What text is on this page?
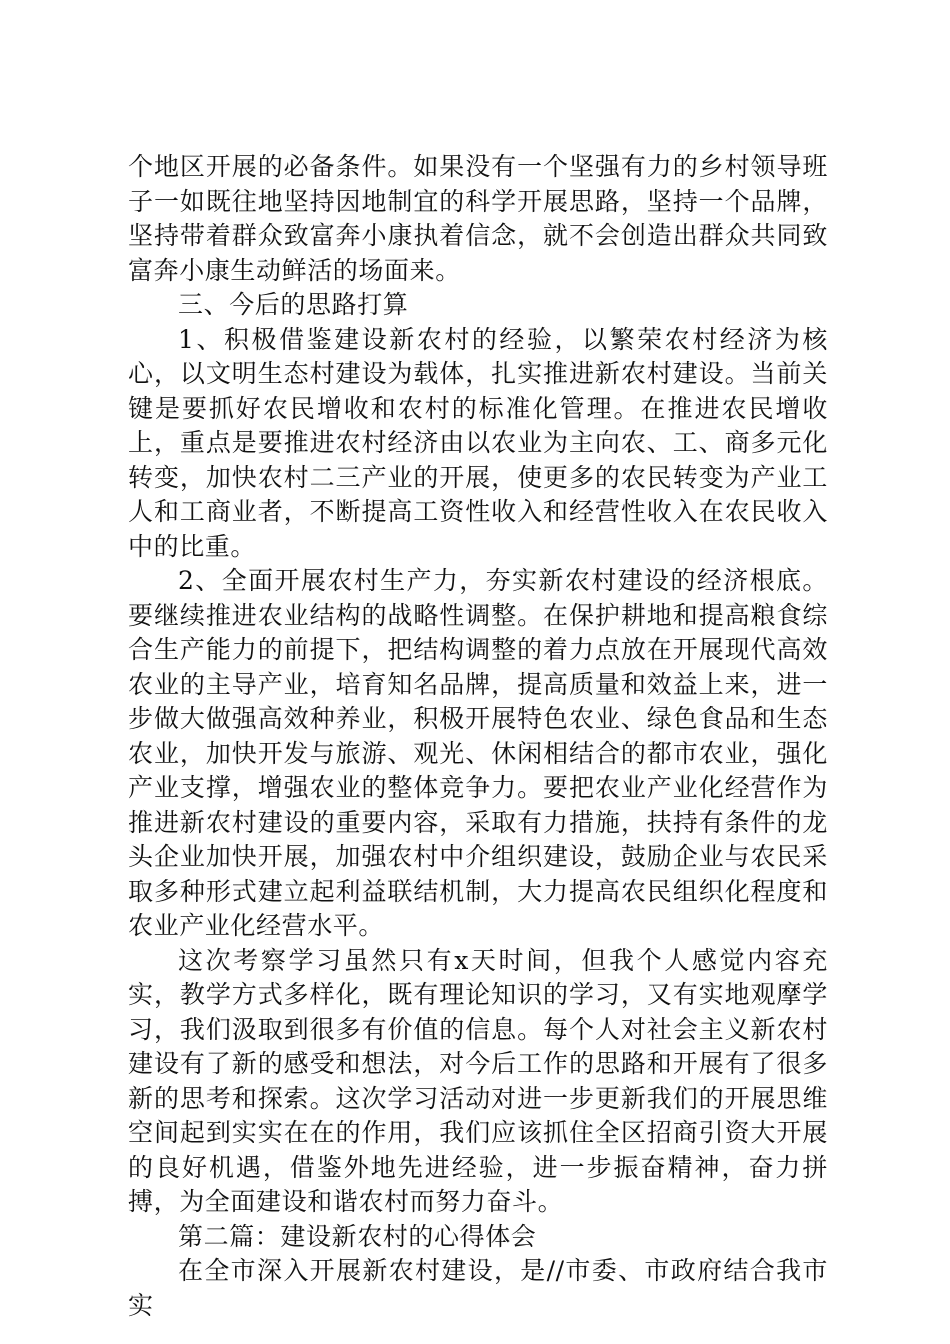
个地区开展的必备条件。如果没有一个坚强有力的乡村领导班子一如既往地坚持因地制宜的科学开展思路，坚持一个品牌，坚持带着群众致富奔小康执着信念，就不会创造出群众共同致富奔小康生动鲜活的场面来。

三、今后的思路打算

1、积极借鉴建设新农村的经验，以繁荣农村经济为核心，以文明生态村建设为载体，扎实推进新农村建设。当前关键是要抓好农民增收和农村的标准化管理。在推进农民增收上，重点是要推进农村经济由以农业为主向农、工、商多元化转变，加快农村二三产业的开展，使更多的农民转变为产业工人和工商业者，不断提高工资性收入和经营性收入在农民收入中的比重。

2、全面开展农村生产力，夯实新农村建设的经济根底。要继续推进农业结构的战略性调整。在保护耕地和提高粮食综合生产能力的前提下，把结构调整的着力点放在开展现代高效农业的主导产业，培育知名品牌，提高质量和效益上来，进一步做大做强高效种养业，积极开展特色农业、绿色食品和生态农业，加快开发与旅游、观光、休闲相结合的都市农业，强化产业支撑，增强农业的整体竞争力。要把农业产业化经营作为推进新农村建设的重要内容，采取有力措施，扶持有条件的龙头企业加快开展，加强农村中介组织建设，鼓励企业与农民采取多种形式建立起利益联结机制，大力提高农民组织化程度和农业产业化经营水平。

这次考察学习虽然只有x天时间，但我个人感觉内容充实，教学方式多样化，既有理论知识的学习，又有实地观摩学习，我们汲取到很多有价值的信息。每个人对社会主义新农村建设有了新的感受和想法，对今后工作的思路和开展有了很多新的思考和探索。这次学习活动对进一步更新我们的开展思维空间起到实实在在的作用，我们应该抓住全区招商引资大开展的良好机遇，借鉴外地先进经验，进一步振奋精神，奋力拼搏，为全面建设和谐农村而努力奋斗。

第二篇：建设新农村的心得体会

在全市深入开展新农村建设，是//市委、市政府结合我市实
